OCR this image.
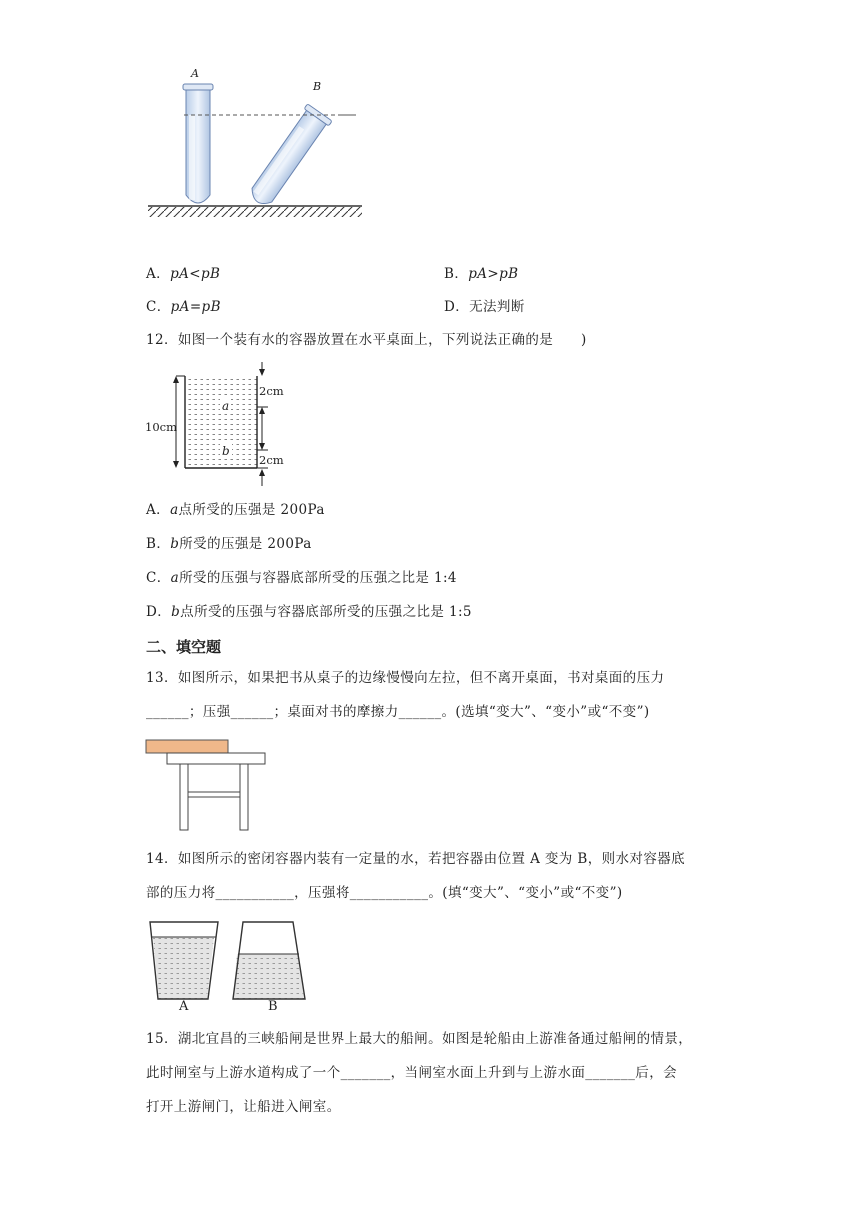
A
B
A．pA<pB	B．pA>pB
C．pA=pB	D．无法判断
12．如图一个装有水的容器放置在水平桌面上，下列说法正确的是　　)
10cm
2cm
2cm
a
b
A．a点所受的压强是 200Pa
B．b所受的压强是 200Pa
C．a所受的压强与容器底部所受的压强之比是 1:4
D．b点所受的压强与容器底部所受的压强之比是 1:5
二、填空题
13．如图所示，如果把书从桌子的边缘慢慢向左拉，但不离开桌面，书对桌面的压力
______；压强______；桌面对书的摩擦力______。(选填“变大”、“变小”或“不变”)
14．如图所示的密闭容器内装有一定量的水，若把容器由位置 A 变为 B，则水对容器底
部的压力将___________，压强将___________。(填“变大”、“变小”或“不变”)
A	B
15．湖北宜昌的三峡船闸是世界上最大的船闸。如图是轮船由上游准备通过船闸的情景，
此时闸室与上游水道构成了一个_______，当闸室水面上升到与上游水面_______后，会
打开上游闸门，让船进入闸室。
